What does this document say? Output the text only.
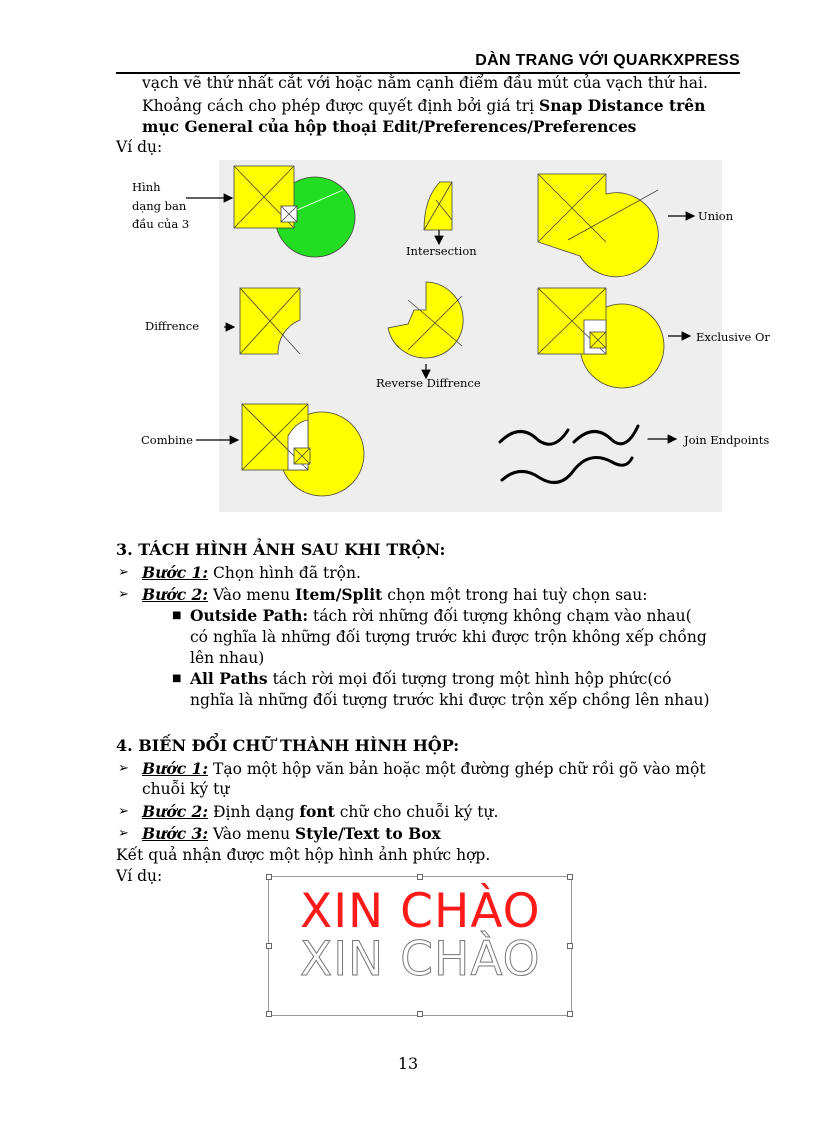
DÀN TRANG VỚI QUARKXPRESS
vạch vẽ thứ nhất cắt với hoặc nằm cạnh điểm đầu mút của vạch thứ hai.
Khoảng cách cho phép được quyết định bởi giá trị Snap Distance trên
mục General của hộp thoại Edit/Preferences/Preferences
Ví dụ:
Hình
dạng ban
đầu của 3
Intersection
Union
Diffrence
Reverse Diffrence
Exclusive Or
Combine	Join Endpoints
3. TÁCH HÌNH ẢNH SAU KHI TRỘN:
➢ Bước 1: Chọn hình đã trộn.
➢ Bước 2: Vào menu Item/Split chọn một trong hai tuỳ chọn sau:
■ Outside Path: tách rời những đối tượng không chạm vào nhau(
có nghĩa là những đối tượng trước khi được trộn không xếp chồng
lên nhau)
■ All Paths tách rời mọi đối tượng trong một hình hộp phức(có
nghĩa là những đối tượng trước khi được trộn xếp chồng lên nhau)
4. BIẾN ĐỔI CHỮ THÀNH HÌNH HỘP:
➢ Bước 1: Tạo một hộp văn bản hoặc một đường ghép chữ rồi gõ vào một
chuỗi ký tự
➢ Bước 2: Định dạng font chữ cho chuỗi ký tự.
➢ Bước 3: Vào menu Style/Text to Box
Kết quả nhận được một hộp hình ảnh phức hợp.
Ví dụ:
XIN CHÀO
XIN CHÀO
13
